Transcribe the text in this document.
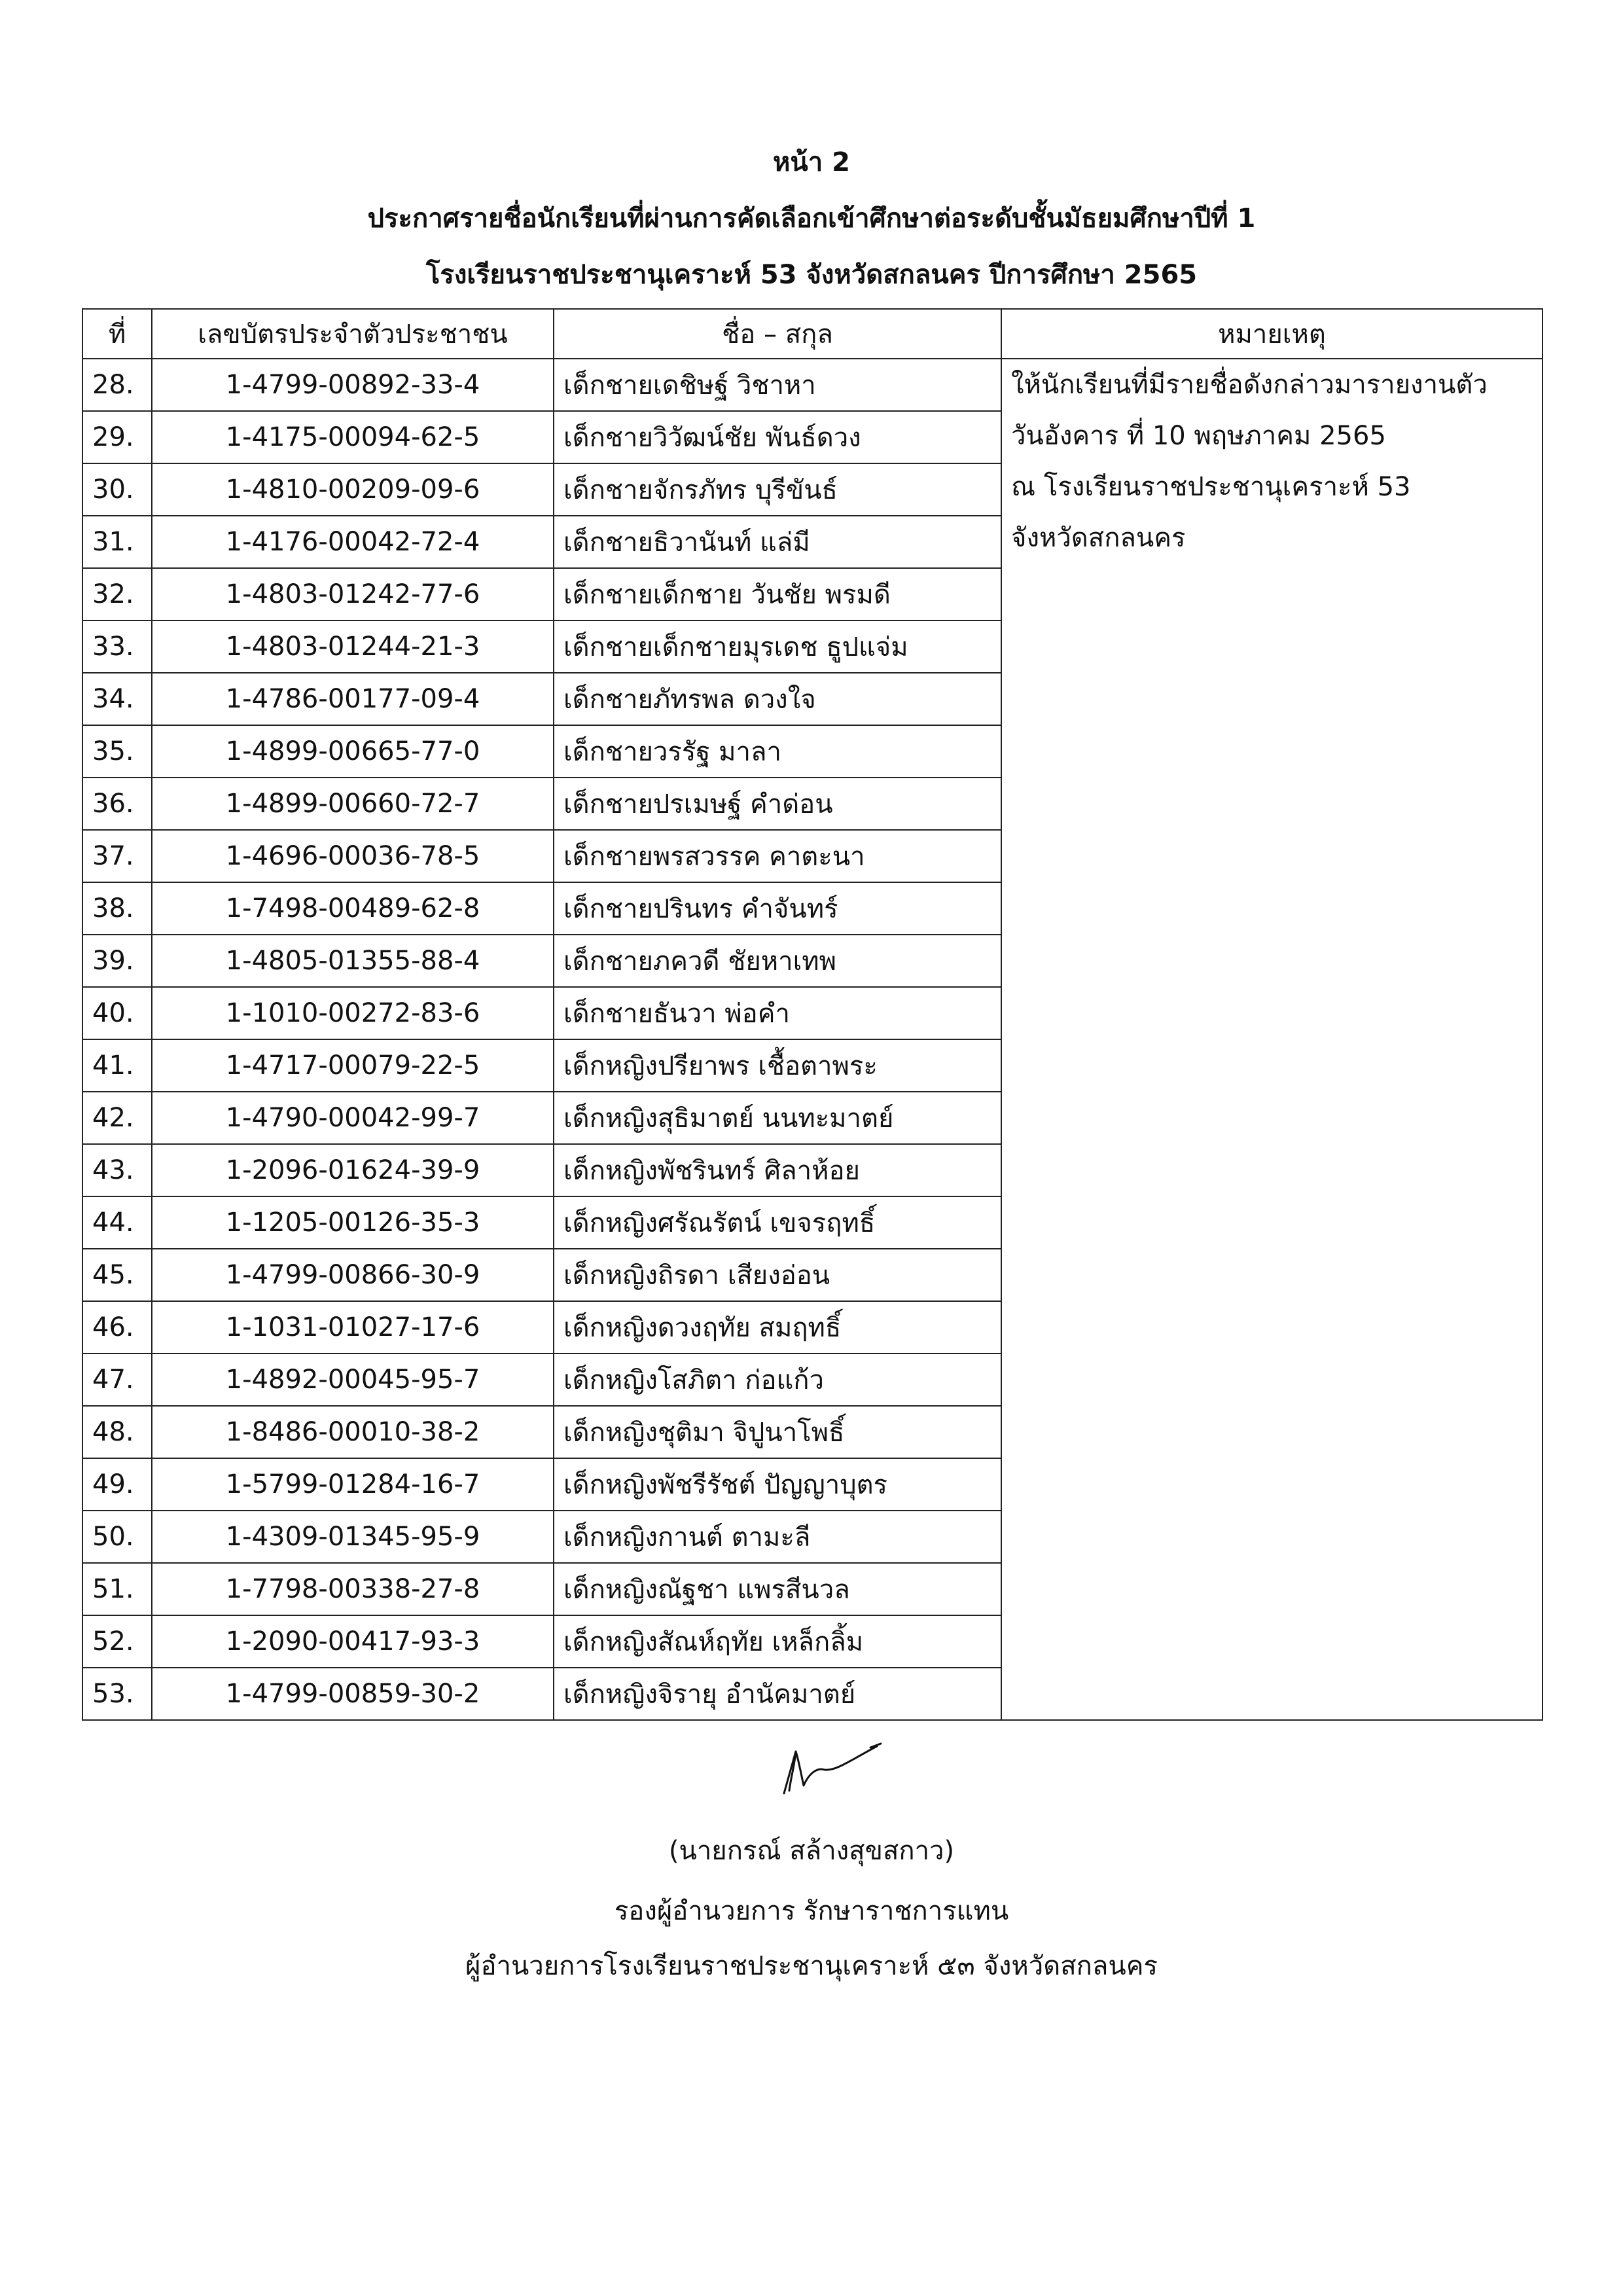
หน้า 2
ประกาศรายชื่อนักเรียนที่ผ่านการคัดเลือกเข้าศึกษาต่อระดับชั้นมัธยมศึกษาปีที่ 1
โรงเรียนราชประชานุเคราะห์ 53 จังหวัดสกลนคร ปีการศึกษา 2565
ที่	เลขบัตรประจำตัวประชาชน	ชื่อ – สกุล	หมายเหตุ
28.	1-4799-00892-33-4	เด็กชายเดชิษฐ์ วิชาหา	ให้นักเรียนที่มีรายชื่อดังกล่าวมารายงานตัว
วันอังคาร ที่ 10 พฤษภาคม 2565
ณ โรงเรียนราชประชานุเคราะห์ 53
จังหวัดสกลนคร

29.	1-4175-00094-62-5	เด็กชายวิวัฒน์ชัย พันธ์ดวง	
30.	1-4810-00209-09-6	เด็กชายจักรภัทร บุรีขันธ์	
31.	1-4176-00042-72-4	เด็กชายธิวานันท์ แล่มี	
32.	1-4803-01242-77-6	เด็กชายเด็กชาย วันชัย พรมดี	
33.	1-4803-01244-21-3	เด็กชายเด็กชายมุรเดช ธูปแจ่ม	
34.	1-4786-00177-09-4	เด็กชายภัทรพล ดวงใจ	
35.	1-4899-00665-77-0	เด็กชายวรรัฐ มาลา	
36.	1-4899-00660-72-7	เด็กชายปรเมษฐ์ คำด่อน	
37.	1-4696-00036-78-5	เด็กชายพรสวรรค คาตะนา	
38.	1-7498-00489-62-8	เด็กชายปรินทร คำจันทร์	
39.	1-4805-01355-88-4	เด็กชายภควดี ชัยหาเทพ	
40.	1-1010-00272-83-6	เด็กชายธันวา พ่อคำ	
41.	1-4717-00079-22-5	เด็กหญิงปรียาพร เชื้อตาพระ	
42.	1-4790-00042-99-7	เด็กหญิงสุธิมาตย์ นนทะมาตย์	
43.	1-2096-01624-39-9	เด็กหญิงพัชรินทร์ ศิลาห้อย	
44.	1-1205-00126-35-3	เด็กหญิงศรัณรัตน์ เขจรฤทธิ์	
45.	1-4799-00866-30-9	เด็กหญิงถิรดา เสียงอ่อน	
46.	1-1031-01027-17-6	เด็กหญิงดวงฤทัย สมฤทธิ์	
47.	1-4892-00045-95-7	เด็กหญิงโสภิตา ก่อแก้ว	
48.	1-8486-00010-38-2	เด็กหญิงชุติมา จิปูนาโพธิ์	
49.	1-5799-01284-16-7	เด็กหญิงพัชรีรัชต์ ปัญญาบุตร	
50.	1-4309-01345-95-9	เด็กหญิงกานต์ ตามะลี	
51.	1-7798-00338-27-8	เด็กหญิงณัฐชา แพรสีนวล	
52.	1-2090-00417-93-3	เด็กหญิงสัณห์ฤทัย เหล็กลิ้ม	
53.	1-4799-00859-30-2	เด็กหญิงจิรายุ อำนัคมาตย์	
(นายกรณ์ สล้างสุขสกาว)
รองผู้อำนวยการ รักษาราชการแทน
ผู้อำนวยการโรงเรียนราชประชานุเคราะห์ ๕๓ จังหวัดสกลนคร
